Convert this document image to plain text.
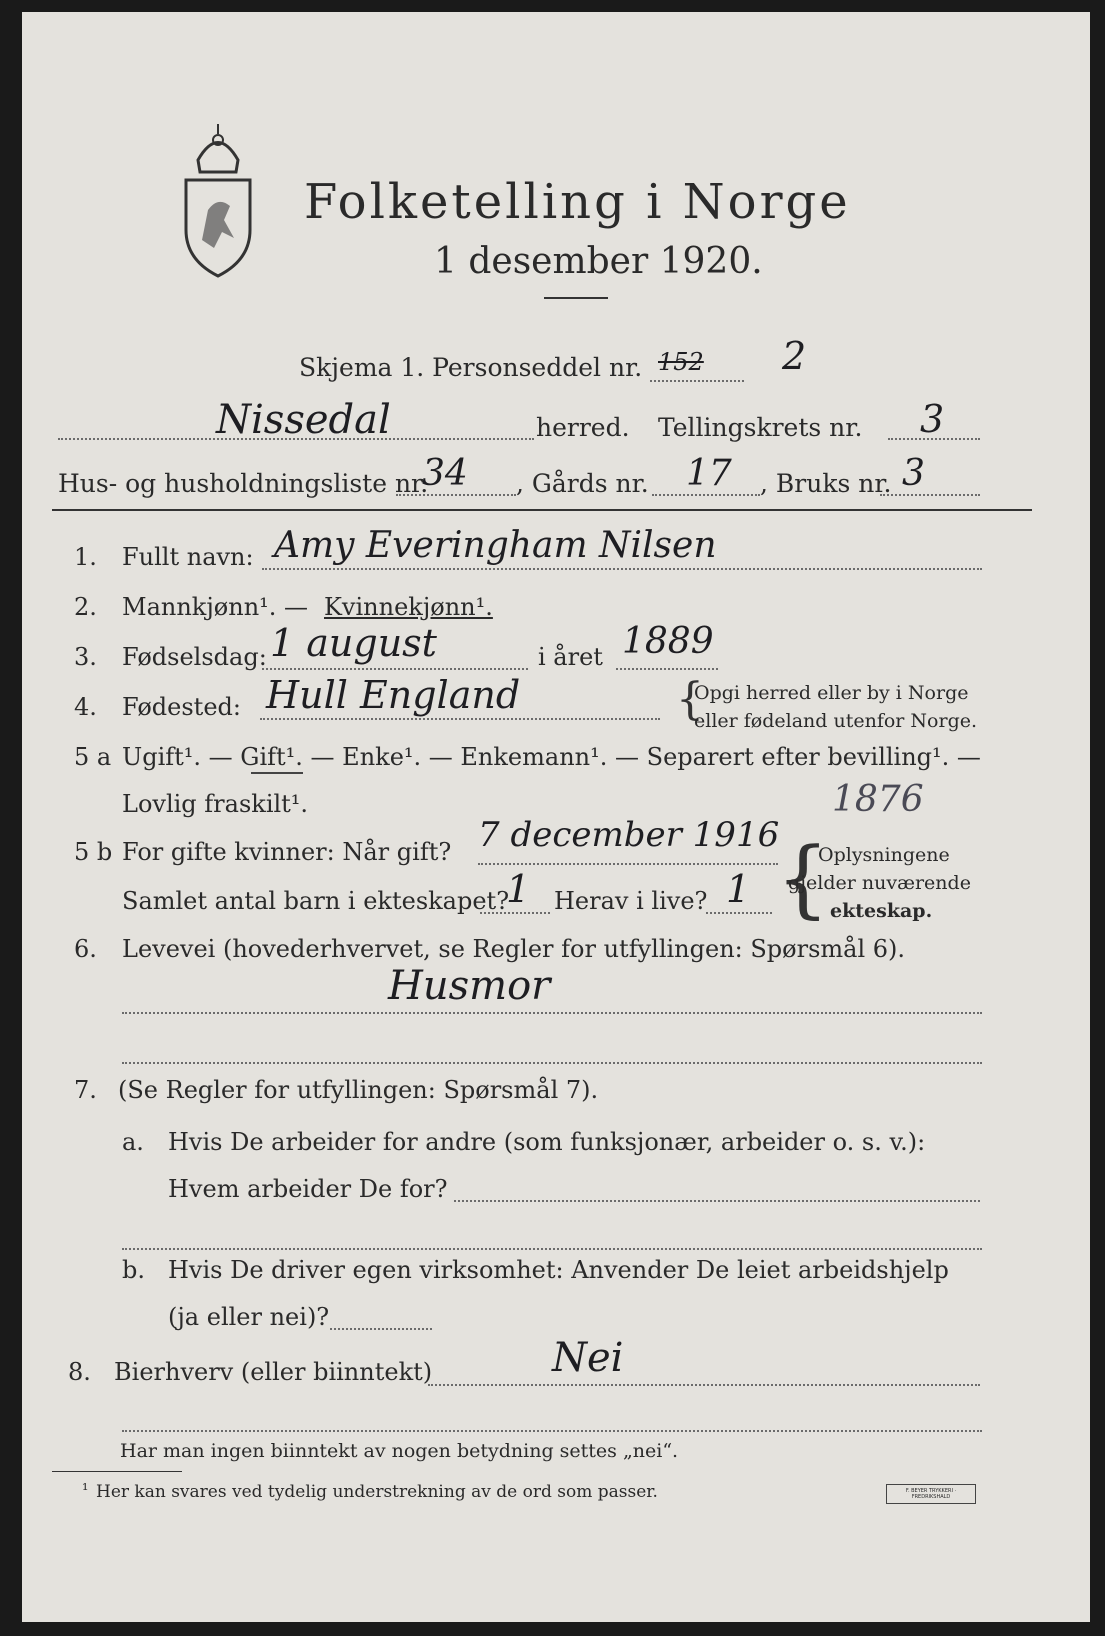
Folketelling i Norge
1 desember 1920.
Skjema 1. Personseddel nr. 152 2
Nissedal	herred. Tellingskrets nr. 3
Hus- og husholdningsliste nr.
34 , Gårds nr. 17 , Bruks nr. 3
1. Fullt navn: Amy Everingham Nilsen
2. Mannkjønn¹. — Kvinnekjønn¹.
3. Fødselsdag: 1 august	i året 1889
4. Fødested: Hull England	{
Opgi herred eller by i Norge
eller fødeland utenfor Norge.
5 a Ugift¹. — Gift¹. — Enke¹. — Enkemann¹. — Separert efter bevilling¹. —
Lovlig fraskilt¹.	1876
5 b For gifte kvinner: Når gift? 7 december 1916
Samlet antal barn i ekteskapet?
1 Herav i live? 1 {
Oplysningene
gjelder nuværende
ekteskap.
6. Levevei (hovederhvervet, se Regler for utfyllingen: Spørsmål 6).
Husmor
7. (Se Regler for utfyllingen: Spørsmål 7).
a. Hvis De arbeider for andre (som funksjonær, arbeider o. s. v.):
Hvem arbeider De for?
b. Hvis De driver egen virksomhet: Anvender De leiet arbeidshjelp
(ja eller nei)?
8. Bierhverv (eller biinntekt)	Nei
Har man ingen biinntekt av nogen betydning settes „nei“.
¹ Her kan svares ved tydelig understrekning av de ord som passer.	F. BEYER TRYKKERI · FREDRIKSHALD
